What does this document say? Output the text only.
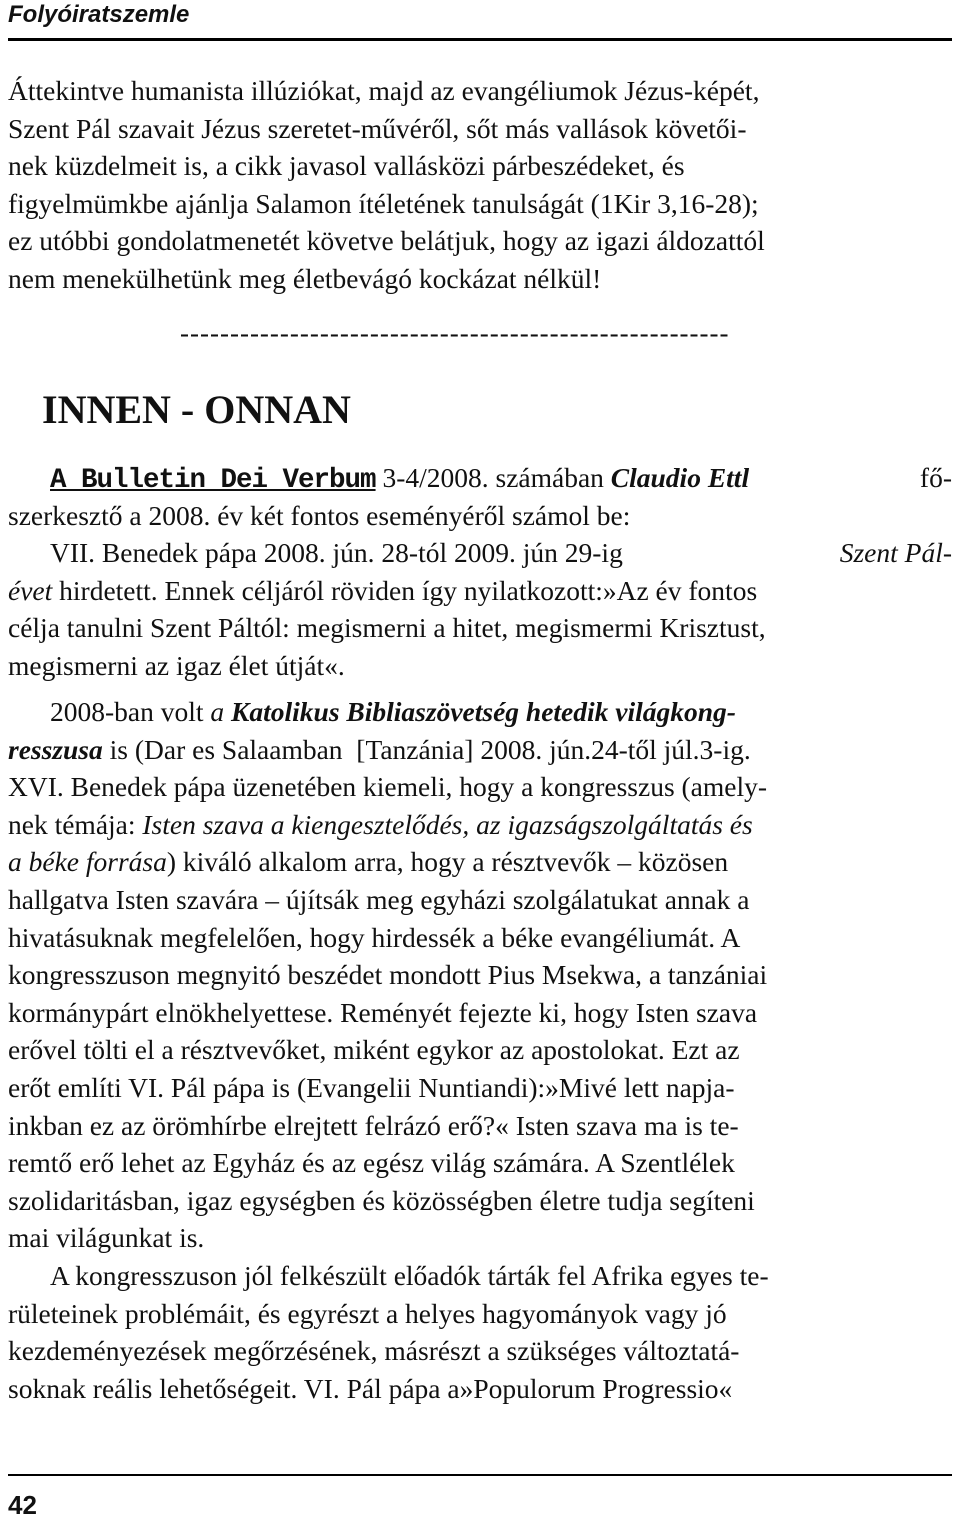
Folyóiratszemle
Áttekintve humanista illúziókat, majd az evangéliumok Jézus-képét,
Szent Pál szavait Jézus szeretet-művéről, sőt más vallások követői-
nek küzdelmeit is, a cikk javasol vallásközi párbeszédeket, és
figyelmümkbe ajánlja Salamon ítéletének tanulságát (1Kir 3,16-28);
ez utóbbi gondolatmenetét követve belátjuk, hogy az igazi áldozattól
nem menekülhetünk meg életbevágó kockázat nélkül!
-------------------------------------------------------
INNEN - ONNAN
A Bulletin Dei Verbum 3-4/2008. számában Claudio Ettl	fő-
szerkesztő a 2008. év két fontos eseményéről számol be:
VII. Benedek pápa 2008. jún. 28-tól 2009. jún 29-ig	Szent Pál-
évet hirdetett. Ennek céljáról röviden így nyilatkozott:»Az év fontos
célja tanulni Szent Páltól: megismerni a hitet, megismermi Krisztust,
megismerni az igaz élet útját«.
2008-ban volt a Katolikus Bibliaszövetség hetedik világkong-
resszusa is (Dar es Salaamban  [Tanzánia] 2008. jún.24-től júl.3-ig.
XVI. Benedek pápa üzenetében kiemeli, hogy a kongresszus (amely-
nek témája: Isten szava a kiengesztelődés, az igazságszolgáltatás és
a béke forrása) kiváló alkalom arra, hogy a résztvevők – közösen
hallgatva Isten szavára – újítsák meg egyházi szolgálatukat annak a
hivatásuknak megfelelően, hogy hirdessék a béke evangéliumát. A
kongresszuson megnyitó beszédet mondott Pius Msekwa, a tanzániai
kormánypárt elnökhelyettese. Reményét fejezte ki, hogy Isten szava
erővel tölti el a résztvevőket, miként egykor az apostolokat. Ezt az
erőt említi VI. Pál pápa is (Evangelii Nuntiandi):»Mivé lett napja-
inkban ez az örömhírbe elrejtett felrázó erő?« Isten szava ma is te-
remtő erő lehet az Egyház és az egész világ számára. A Szentlélek
szolidaritásban, igaz egységben és közösségben életre tudja segíteni
mai világunkat is.
A kongresszuson jól felkészült előadók tárták fel Afrika egyes te-
rületeinek problémáit, és egyrészt a helyes hagyományok vagy jó
kezdeményezések megőrzésének, másrészt a szükséges változtatá-
soknak reális lehetőségeit. VI. Pál pápa a»Populorum Progressio«
42
